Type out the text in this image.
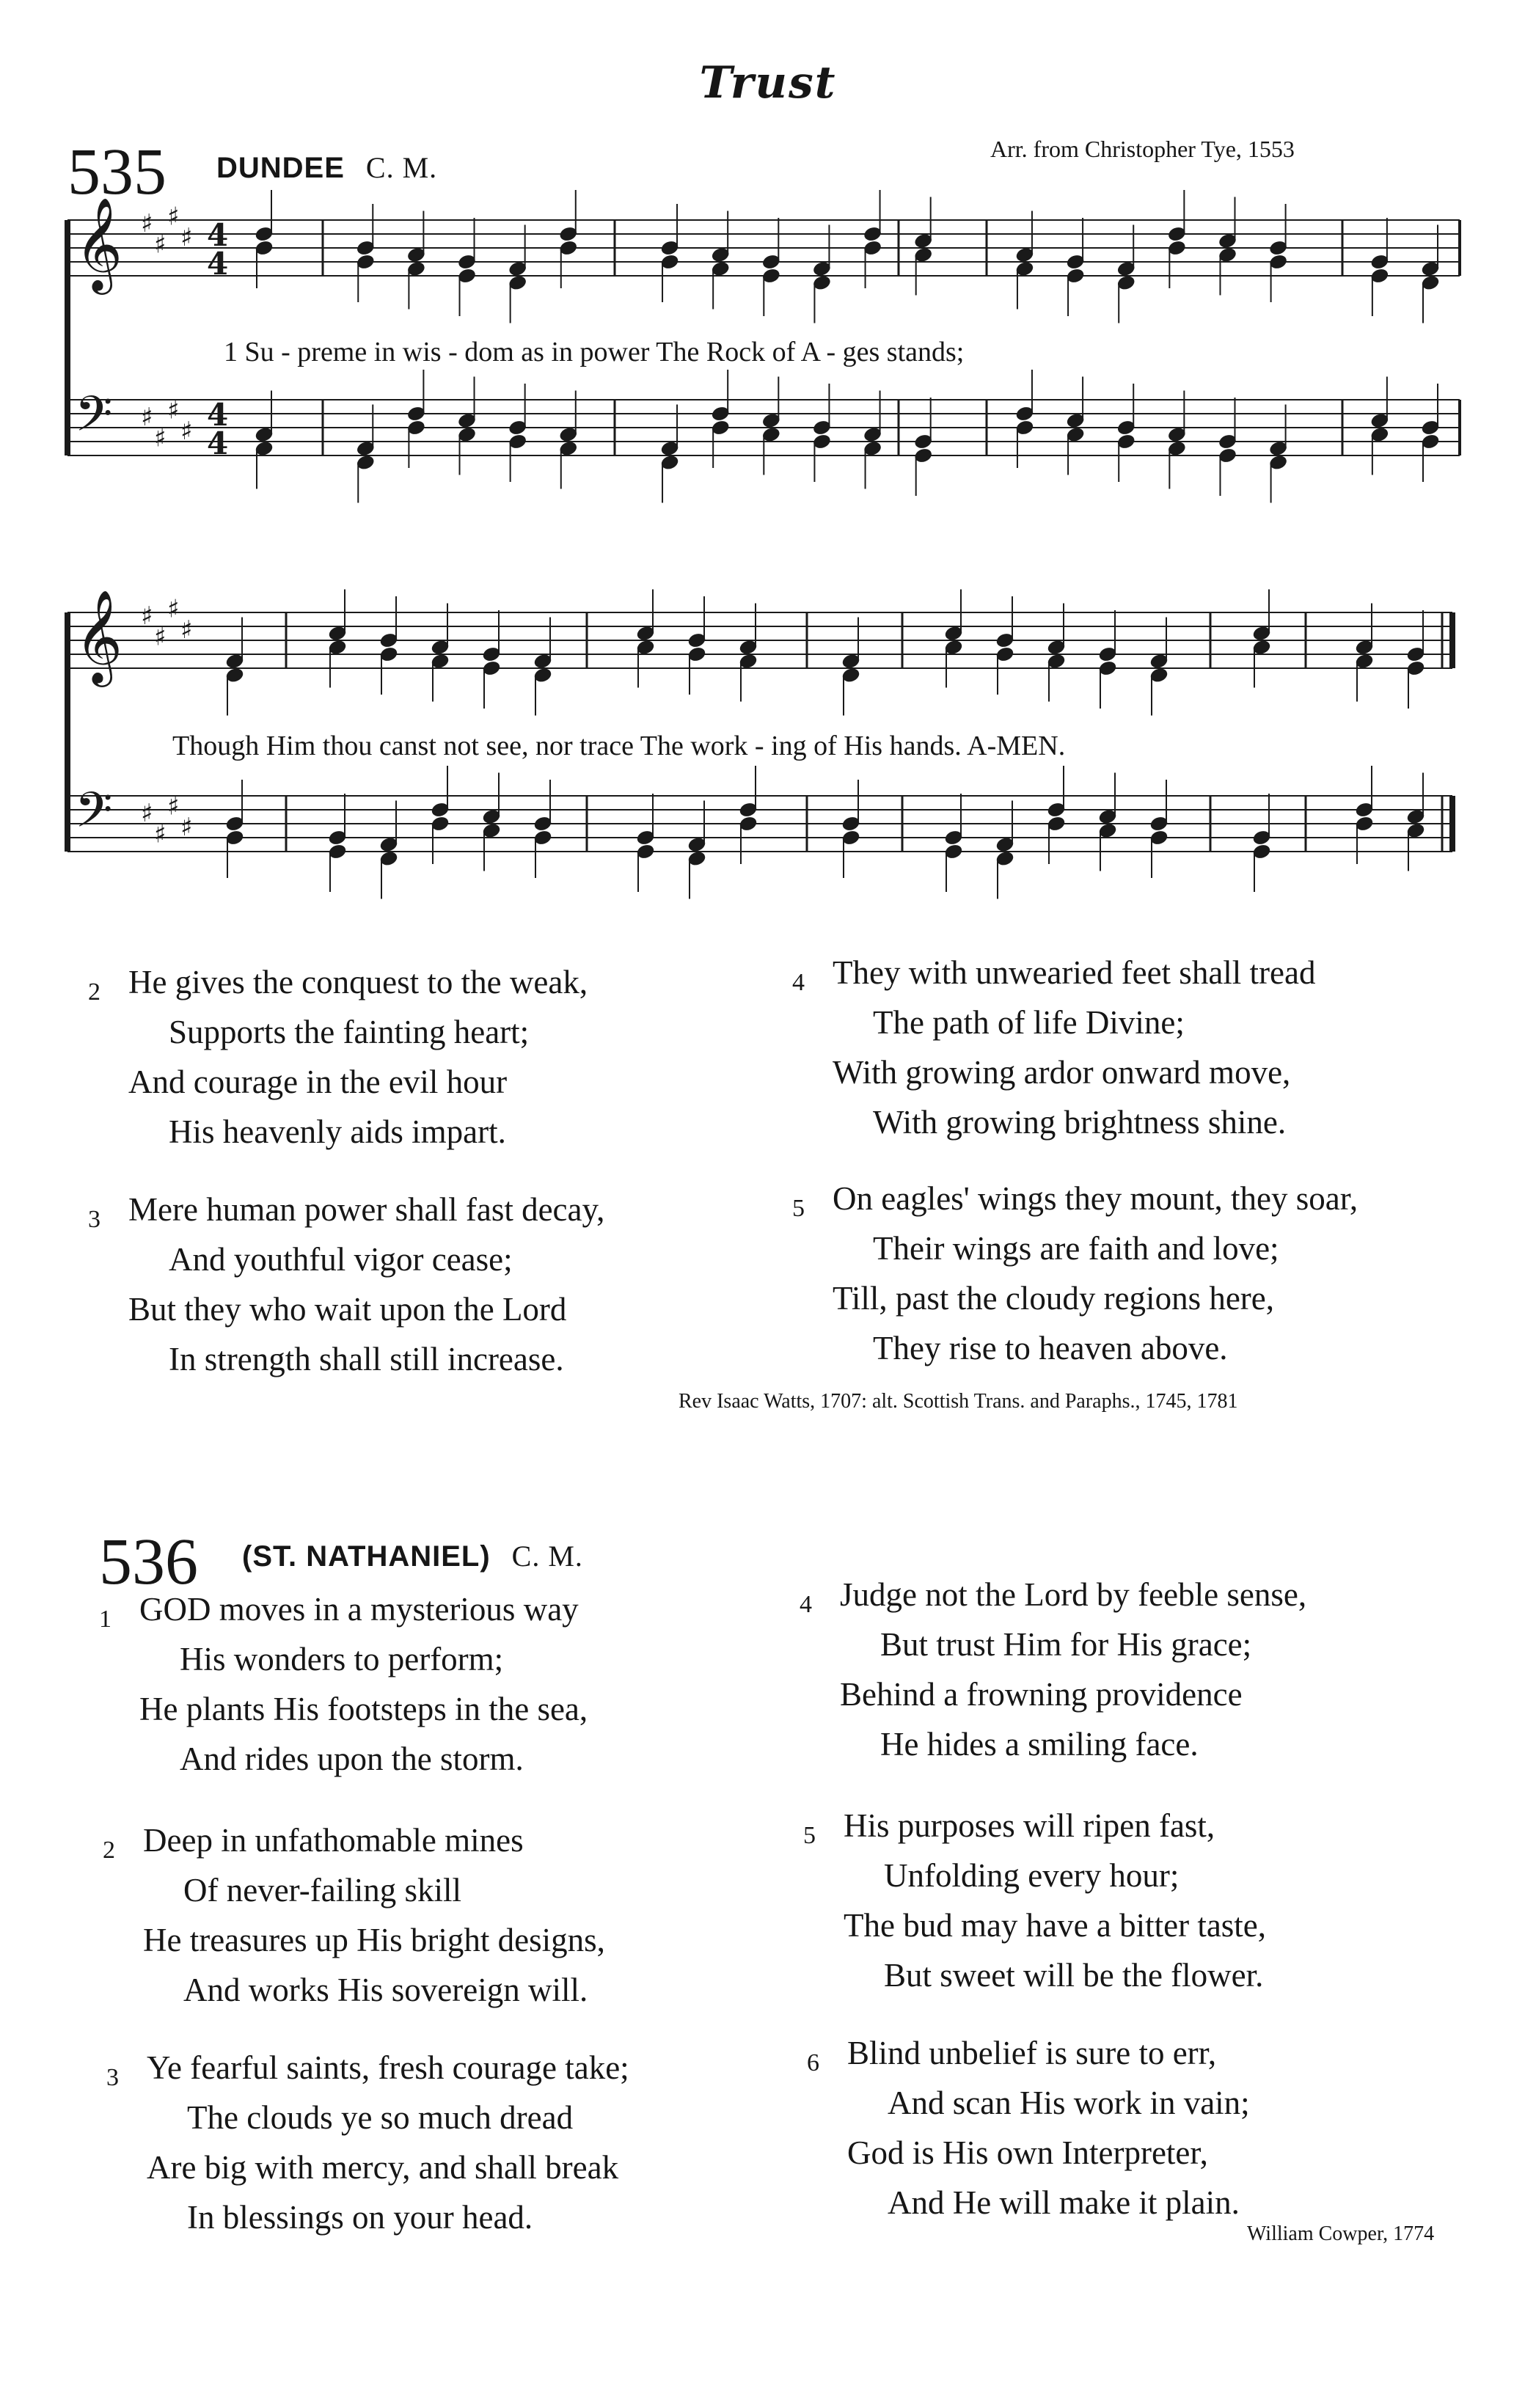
Trust
535 DUNDEE C. M.
Arr. from Christopher Tye, 1553
𝄞 ♯
♯
♯
♯ 4
4
𝄢 ♯
♯
♯
♯ 4
4
𝄞 ♯
♯
♯
♯
𝄢 ♯
♯
♯
♯
1 Su - preme in wis - dom as in power The Rock of A - ges stands;
Though Him thou canst not see, nor trace The work - ing of His hands. A-MEN.
2 He gives the conquest to the weak,
Supports the fainting heart;
And courage in the evil hour
His heavenly aids impart.
3 Mere human power shall fast decay,
And youthful vigor cease;
But they who wait upon the Lord
In strength shall still increase.
4 They with unwearied feet shall tread
The path of life Divine;
With growing ardor onward move,
With growing brightness shine.
5 On eagles' wings they mount, they soar,
Their wings are faith and love;
Till, past the cloudy regions here,
They rise to heaven above.
Rev Isaac Watts, 1707: alt. Scottish Trans. and Paraphs., 1745, 1781
536 (ST. NATHANIEL) C. M.
1 GOD moves in a mysterious way
His wonders to perform;
He plants His footsteps in the sea,
And rides upon the storm.
2 Deep in unfathomable mines
Of never-failing skill
He treasures up His bright designs,
And works His sovereign will.
3 Ye fearful saints, fresh courage take;
The clouds ye so much dread
Are big with mercy, and shall break
In blessings on your head.
4 Judge not the Lord by feeble sense,
But trust Him for His grace;
Behind a frowning providence
He hides a smiling face.
5 His purposes will ripen fast,
Unfolding every hour;
The bud may have a bitter taste,
But sweet will be the flower.
6 Blind unbelief is sure to err,
And scan His work in vain;
God is His own Interpreter,
And He will make it plain.
William Cowper, 1774
